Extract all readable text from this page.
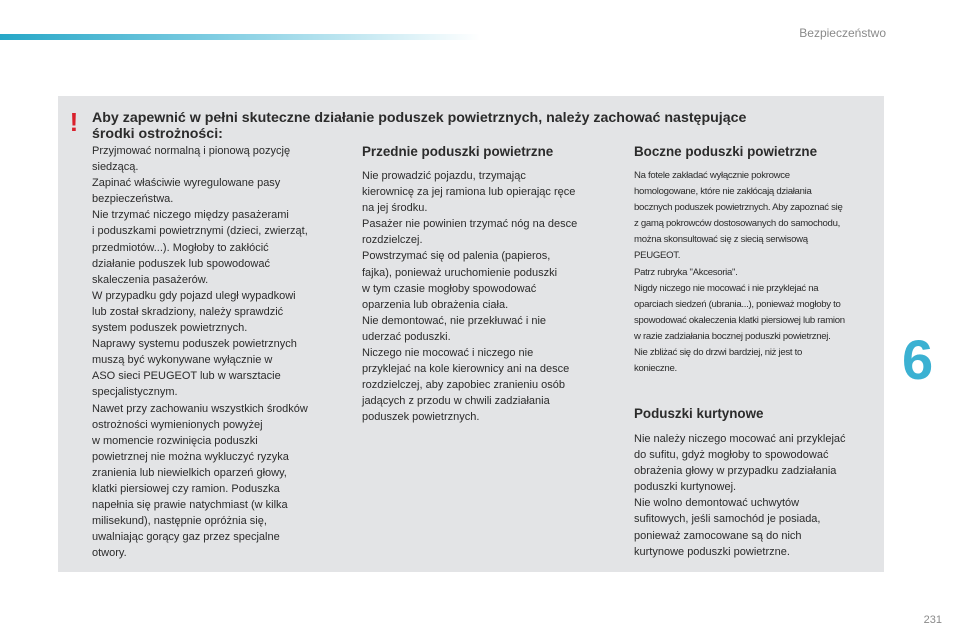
Bezpieczeństwo
! Aby zapewnić w pełni skuteczne działanie poduszek powietrznych, należy zachować następujące
środki ostrożności:

Przyjmować normalną i pionową pozycję

siedzącą.

Zapinać właściwie wyregulowane pasy

bezpieczeństwa.

Nie trzymać niczego między pasażerami

i poduszkami powietrznymi (dzieci, zwierząt,

przedmiotów...). Mogłoby to zakłócić

działanie poduszek lub spowodować

skaleczenia pasażerów.

W przypadku gdy pojazd uległ wypadkowi

lub został skradziony, należy sprawdzić

system poduszek powietrznych.

Naprawy systemu poduszek powietrznych

muszą być wykonywane wyłącznie w

ASO sieci PEUGEOT lub w warsztacie

specjalistycznym.

Nawet przy zachowaniu wszystkich środków

ostrożności wymienionych powyżej

w momencie rozwinięcia poduszki

powietrznej nie można wykluczyć ryzyka

zranienia lub niewielkich oparzeń głowy,

klatki piersiowej czy ramion. Poduszka

napełnia się prawie natychmiast (w kilka

milisekund), następnie opróżnia się,

uwalniając gorący gaz przez specjalne

otwory.

Przednie poduszki powietrzne

Nie prowadzić pojazdu, trzymając

kierownicę za jej ramiona lub opierając ręce

na jej środku.

Pasażer nie powinien trzymać nóg na desce

rozdzielczej.

Powstrzymać się od palenia (papieros,

fajka), ponieważ uruchomienie poduszki

w tym czasie mogłoby spowodować

oparzenia lub obrażenia ciała.

Nie demontować, nie przekłuwać i nie

uderzać poduszki.

Niczego nie mocować i niczego nie

przyklejać na kole kierownicy ani na desce

rozdzielczej, aby zapobiec zranieniu osób

jadących z przodu w chwili zadziałania

poduszek powietrznych.

Boczne poduszki powietrzne

Na fotele zakładać wyłącznie pokrowce

homologowane, które nie zakłócają działania

bocznych poduszek powietrznych. Aby zapoznać się

z gamą pokrowców dostosowanych do samochodu,

można skonsultować się z siecią serwisową

PEUGEOT.

Patrz rubryka "Akcesoria".

Nigdy niczego nie mocować i nie przyklejać na

oparciach siedzeń (ubrania...), ponieważ mogłoby to

spowodować okaleczenia klatki piersiowej lub ramion

w razie zadziałania bocznej poduszki powietrznej.

Nie zbliżać się do drzwi bardziej, niż jest to

konieczne.

Poduszki kurtynowe

Nie należy niczego mocować ani przyklejać

do sufitu, gdyż mogłoby to spowodować

obrażenia głowy w przypadku zadziałania

poduszki kurtynowej.

Nie wolno demontować uchwytów

sufitowych, jeśli samochód je posiada,

ponieważ zamocowane są do nich

kurtynowe poduszki powietrzne.

6
231
